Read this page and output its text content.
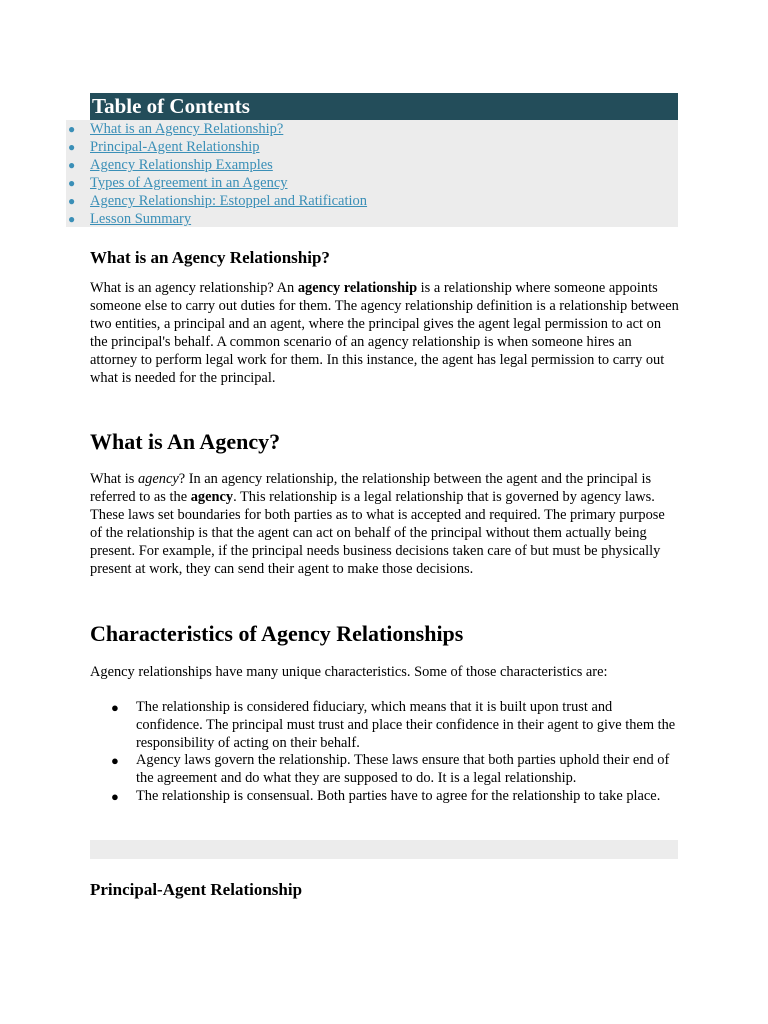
Table of Contents
● What is an Agency Relationship?
● Principal-Agent Relationship
● Agency Relationship Examples
● Types of Agreement in an Agency
● Agency Relationship: Estoppel and Ratification
● Lesson Summary
What is an Agency Relationship?

What is an agency relationship? An agency relationship is a relationship where someone appoints someone else to carry out duties for them. The agency relationship definition is a relationship between two entities, a principal and an agent, where the principal gives the agent legal permission to act on the principal's behalf. A common scenario of an agency relationship is when someone hires an attorney to perform legal work for them. In this instance, the agent has legal permission to carry out what is needed for the principal.

What is An Agency?

What is agency? In an agency relationship, the relationship between the agent and the principal is referred to as the agency. This relationship is a legal relationship that is governed by agency laws. These laws set boundaries for both parties as to what is accepted and required. The primary purpose of the relationship is that the agent can act on behalf of the principal without them actually being present. For example, if the principal needs business decisions taken care of but must be physically present at work, they can send their agent to make those decisions.

Characteristics of Agency Relationships

Agency relationships have many unique characteristics. Some of those characteristics are:

● The relationship is considered fiduciary, which means that it is built upon trust and confidence. The principal must trust and place their confidence in their agent to give them the responsibility of acting on their behalf.
● Agency laws govern the relationship. These laws ensure that both parties uphold their end of the agreement and do what they are supposed to do. It is a legal relationship.
● The relationship is consensual. Both parties have to agree for the relationship to take place.
Principal-Agent Relationship
